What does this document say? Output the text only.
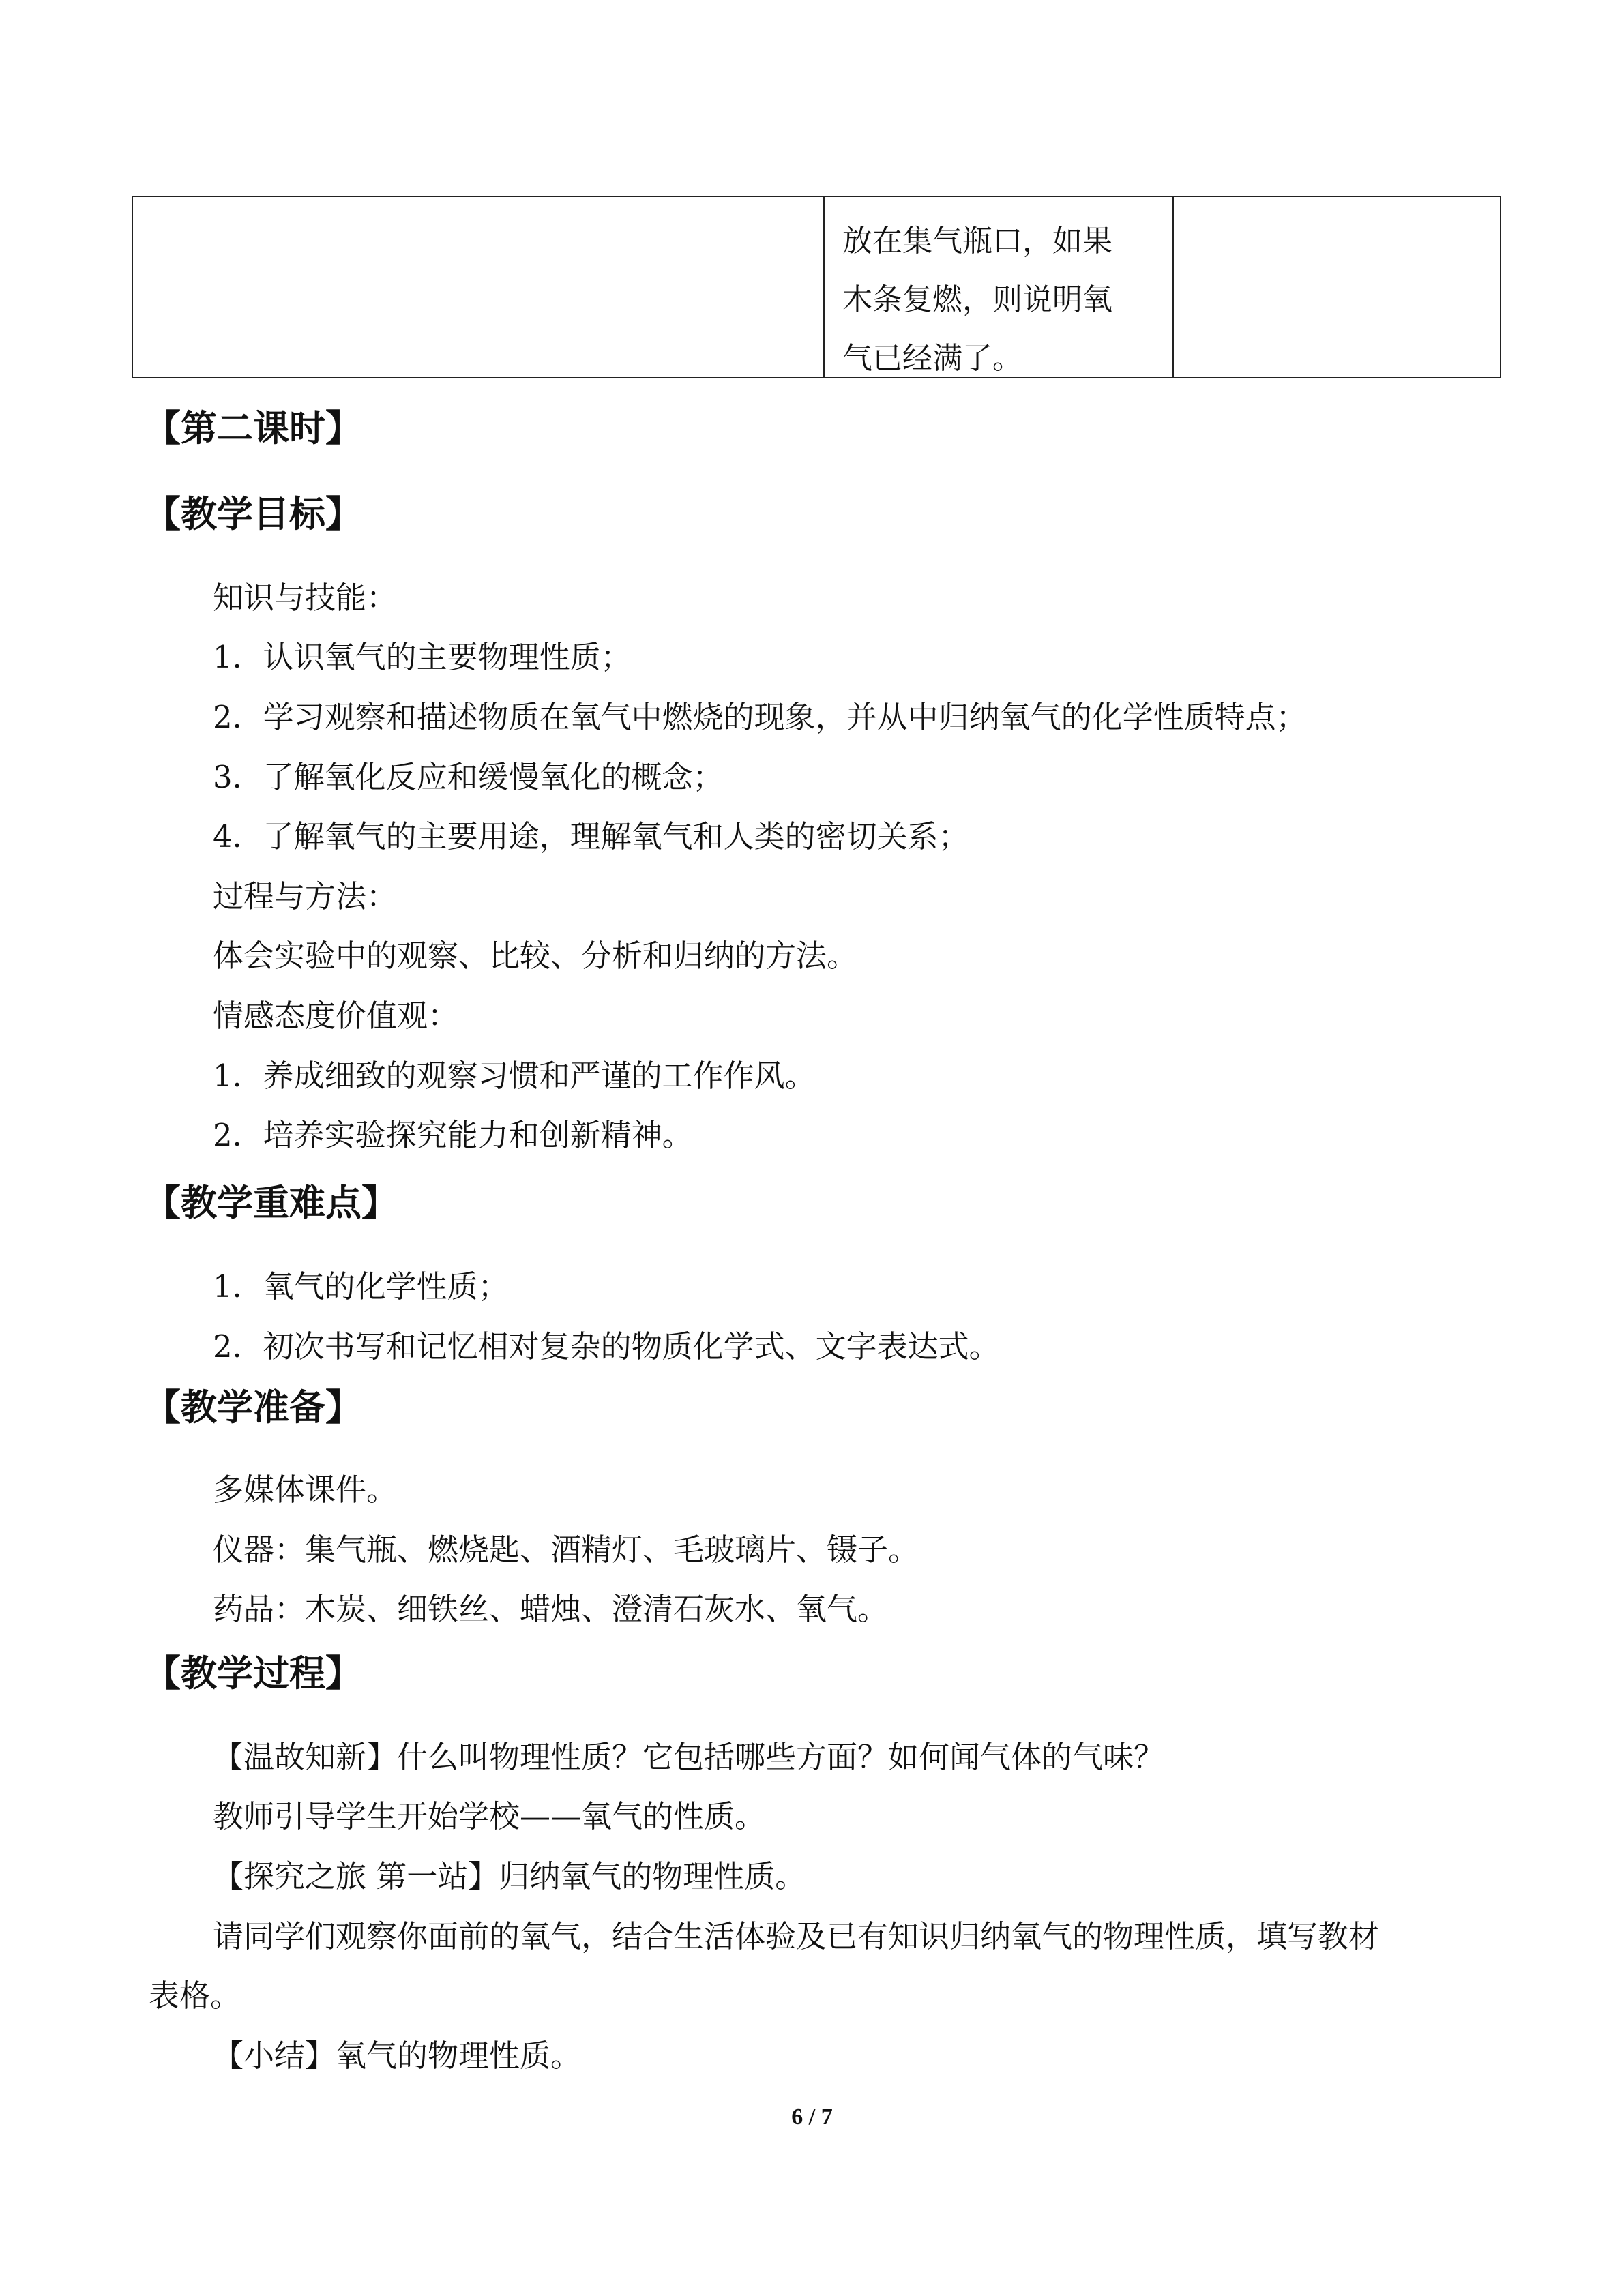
放在集气瓶口，如果
木条复燃，则说明氧
气已经满了。
【第二课时】
【教学目标】
知识与技能：
1．认识氧气的主要物理性质；
2．学习观察和描述物质在氧气中燃烧的现象，并从中归纳氧气的化学性质特点；
3．了解氧化反应和缓慢氧化的概念；
4．了解氧气的主要用途，理解氧气和人类的密切关系；
过程与方法：
体会实验中的观察、比较、分析和归纳的方法。
情感态度价值观：
1．养成细致的观察习惯和严谨的工作作风。
2．培养实验探究能力和创新精神。
【教学重难点】
1．氧气的化学性质；
2．初次书写和记忆相对复杂的物质化学式、文字表达式。
【教学准备】
多媒体课件。
仪器：集气瓶、燃烧匙、酒精灯、毛玻璃片、镊子。
药品：木炭、细铁丝、蜡烛、澄清石灰水、氧气。
【教学过程】
【温故知新】什么叫物理性质？它包括哪些方面？如何闻气体的气味？
教师引导学生开始学校——氧气的性质。
【探究之旅 第一站】归纳氧气的物理性质。
请同学们观察你面前的氧气，结合生活体验及已有知识归纳氧气的物理性质，填写教材
表格。
【小结】氧气的物理性质。
6 / 7
